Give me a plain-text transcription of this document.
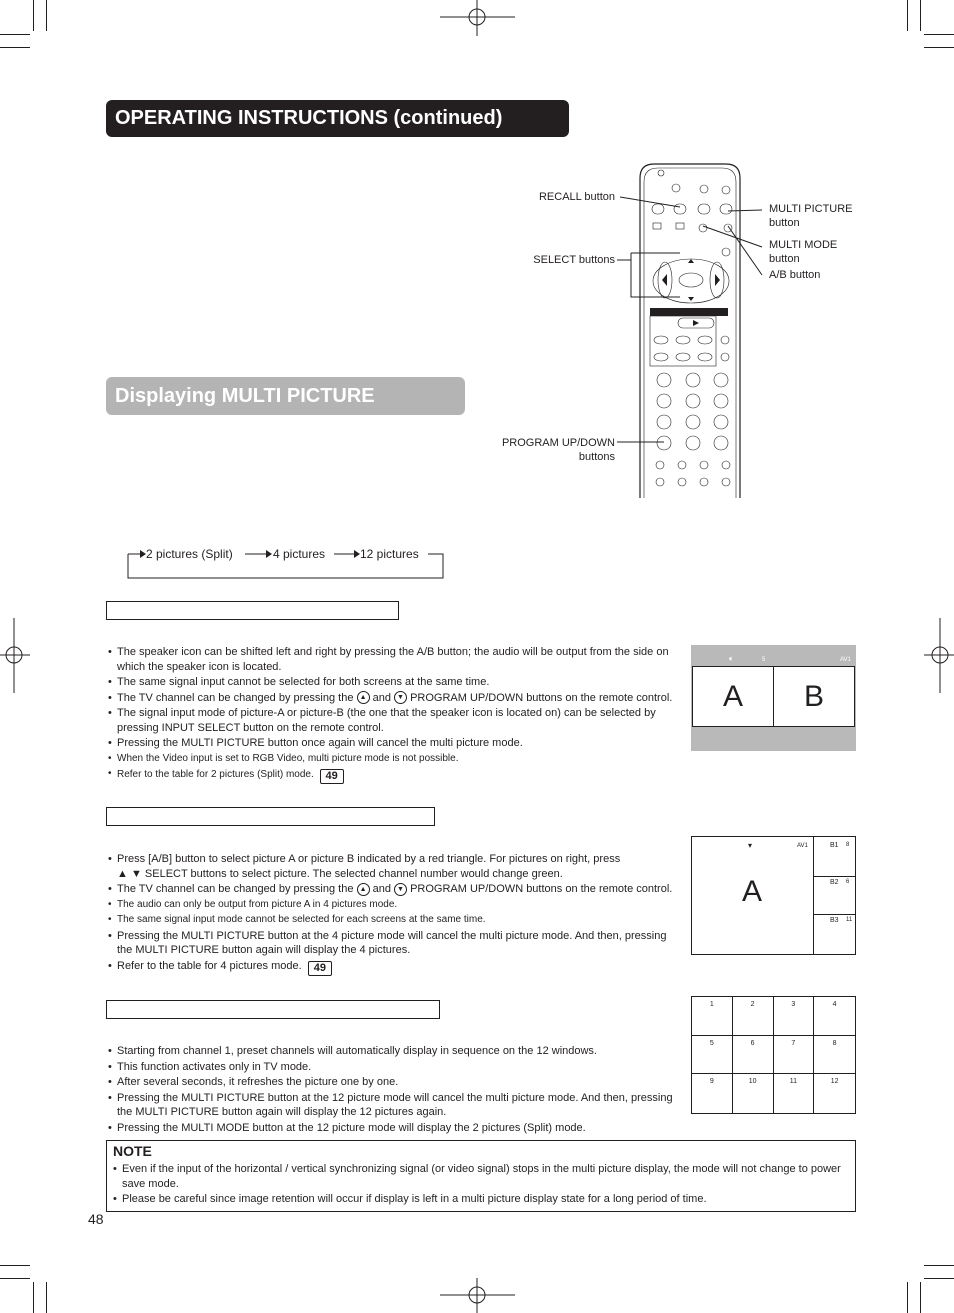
OPERATING INSTRUCTIONS (continued)
RECALL button
SELECT buttons
PROGRAM UP/DOWN
buttons
MULTI PICTURE
button
MULTI MODE
button
A/B button
Displaying MULTI PICTURE
2 pictures (Split)	4 pictures	12 pictures
• The speaker icon can be shifted left and right by pressing the A/B button; the audio will be output from the side on which the speaker icon is located.
• The same signal input cannot be selected for both screens at the same time.
• The TV channel can be changed by pressing the ▲ and ▼ PROGRAM UP/DOWN buttons on the remote control.
• The signal input mode of picture-A or picture-B (the one that the speaker icon is located on) can be selected by pressing INPUT SELECT button on the remote control.
• Pressing the MULTI PICTURE button once again will cancel the multi picture mode.
• When the Video input is set to RGB Video, multi picture mode is not possible.
• Refer to the table for 2 pictures (Split) mode. 49
🔈︎	5	AV1
A	B
• Press [A/B] button to select picture A or picture B indicated by a red triangle. For pictures on right, press
▲ ▼ SELECT buttons to select picture. The selected channel number would change green.
• The TV channel can be changed by pressing the ▲ and ▼ PROGRAM UP/DOWN buttons on the remote control.
• The audio can only be output from picture A in 4 pictures mode.
• The same signal input mode cannot be selected for each screens at the same time.
• Pressing the MULTI PICTURE button at the 4 picture mode will cancel the multi picture mode. And then, pressing the MULTI PICTURE button again will display the 4 pictures.
• Refer to the table for 4 pictures mode. 49
▾	AV1
A
B1 8
B2 6
B3 11
• Starting from channel 1, preset channels will automatically display in sequence on the 12 windows.
• This function activates only in TV mode.
• After several seconds, it refreshes the picture one by one.
• Pressing the MULTI PICTURE button at the 12 picture mode will cancel the multi picture mode. And then, pressing the MULTI PICTURE button again will display the 12 pictures again.
• Pressing the MULTI MODE button at the 12 picture mode will display the 2 pictures (Split) mode.
1	2	3	4
5	6	7	8
9	10	11	12
NOTE
• Even if the input of the horizontal / vertical synchronizing signal (or video signal) stops in the multi picture display, the mode will not change to power save mode.
• Please be careful since image retention will occur if display is left in a multi picture display state for a long period of time.
48
